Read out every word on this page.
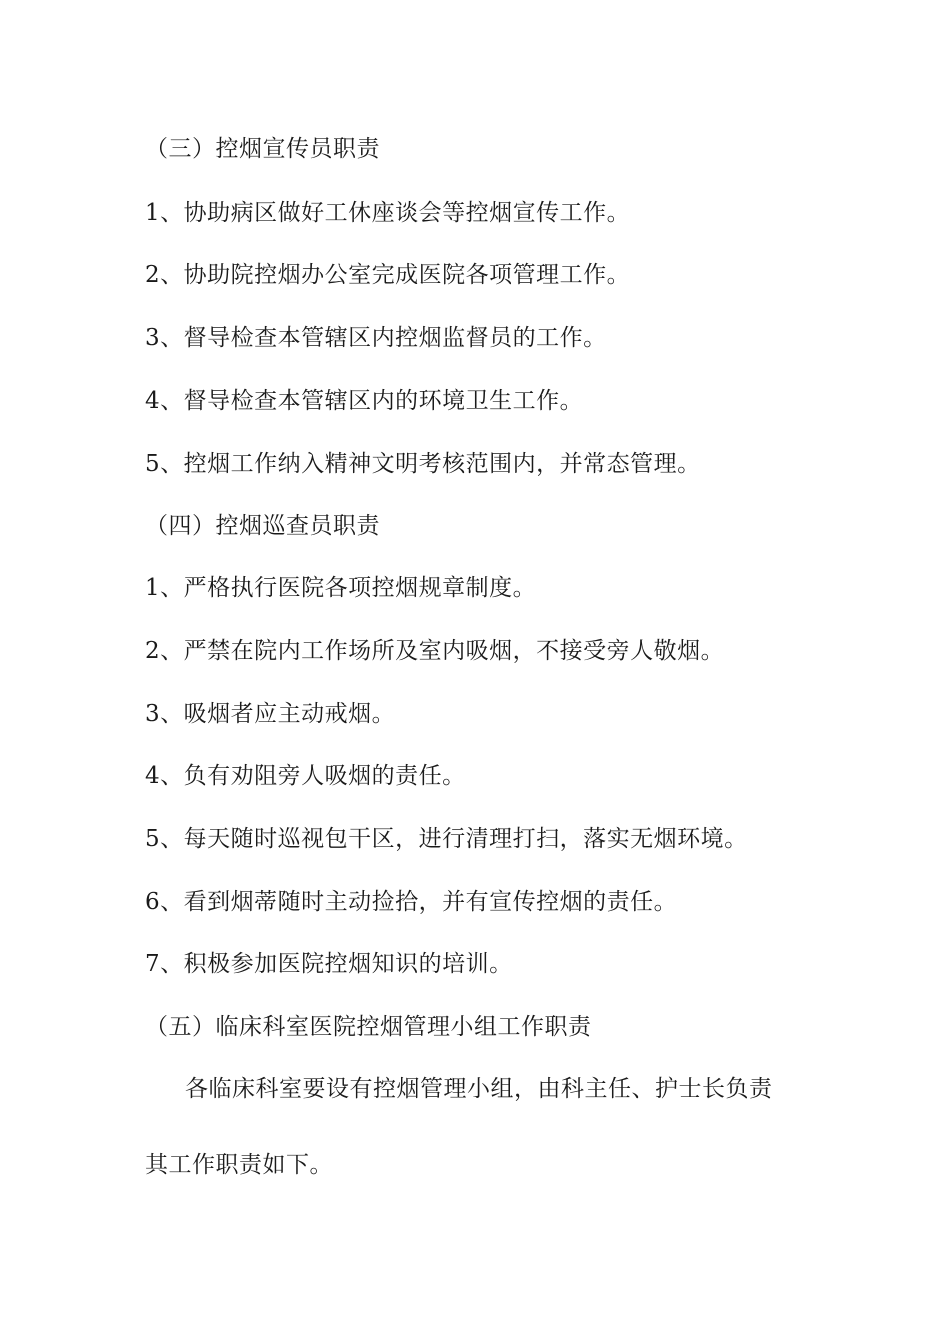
（三）控烟宣传员职责

1、协助病区做好工休座谈会等控烟宣传工作。

2、协助院控烟办公室完成医院各项管理工作。

3、督导检查本管辖区内控烟监督员的工作。

4、督导检查本管辖区内的环境卫生工作。

5、控烟工作纳入精神文明考核范围内，并常态管理。

（四）控烟巡查员职责

1、严格执行医院各项控烟规章制度。

2、严禁在院内工作场所及室内吸烟，不接受旁人敬烟。

3、吸烟者应主动戒烟。

4、负有劝阻旁人吸烟的责任。

5、每天随时巡视包干区，进行清理打扫，落实无烟环境。

6、看到烟蒂随时主动捡拾，并有宣传控烟的责任。

7、积极参加医院控烟知识的培训。

（五）临床科室医院控烟管理小组工作职责

各临床科室要设有控烟管理小组，由科主任、护士长负责

其工作职责如下。
